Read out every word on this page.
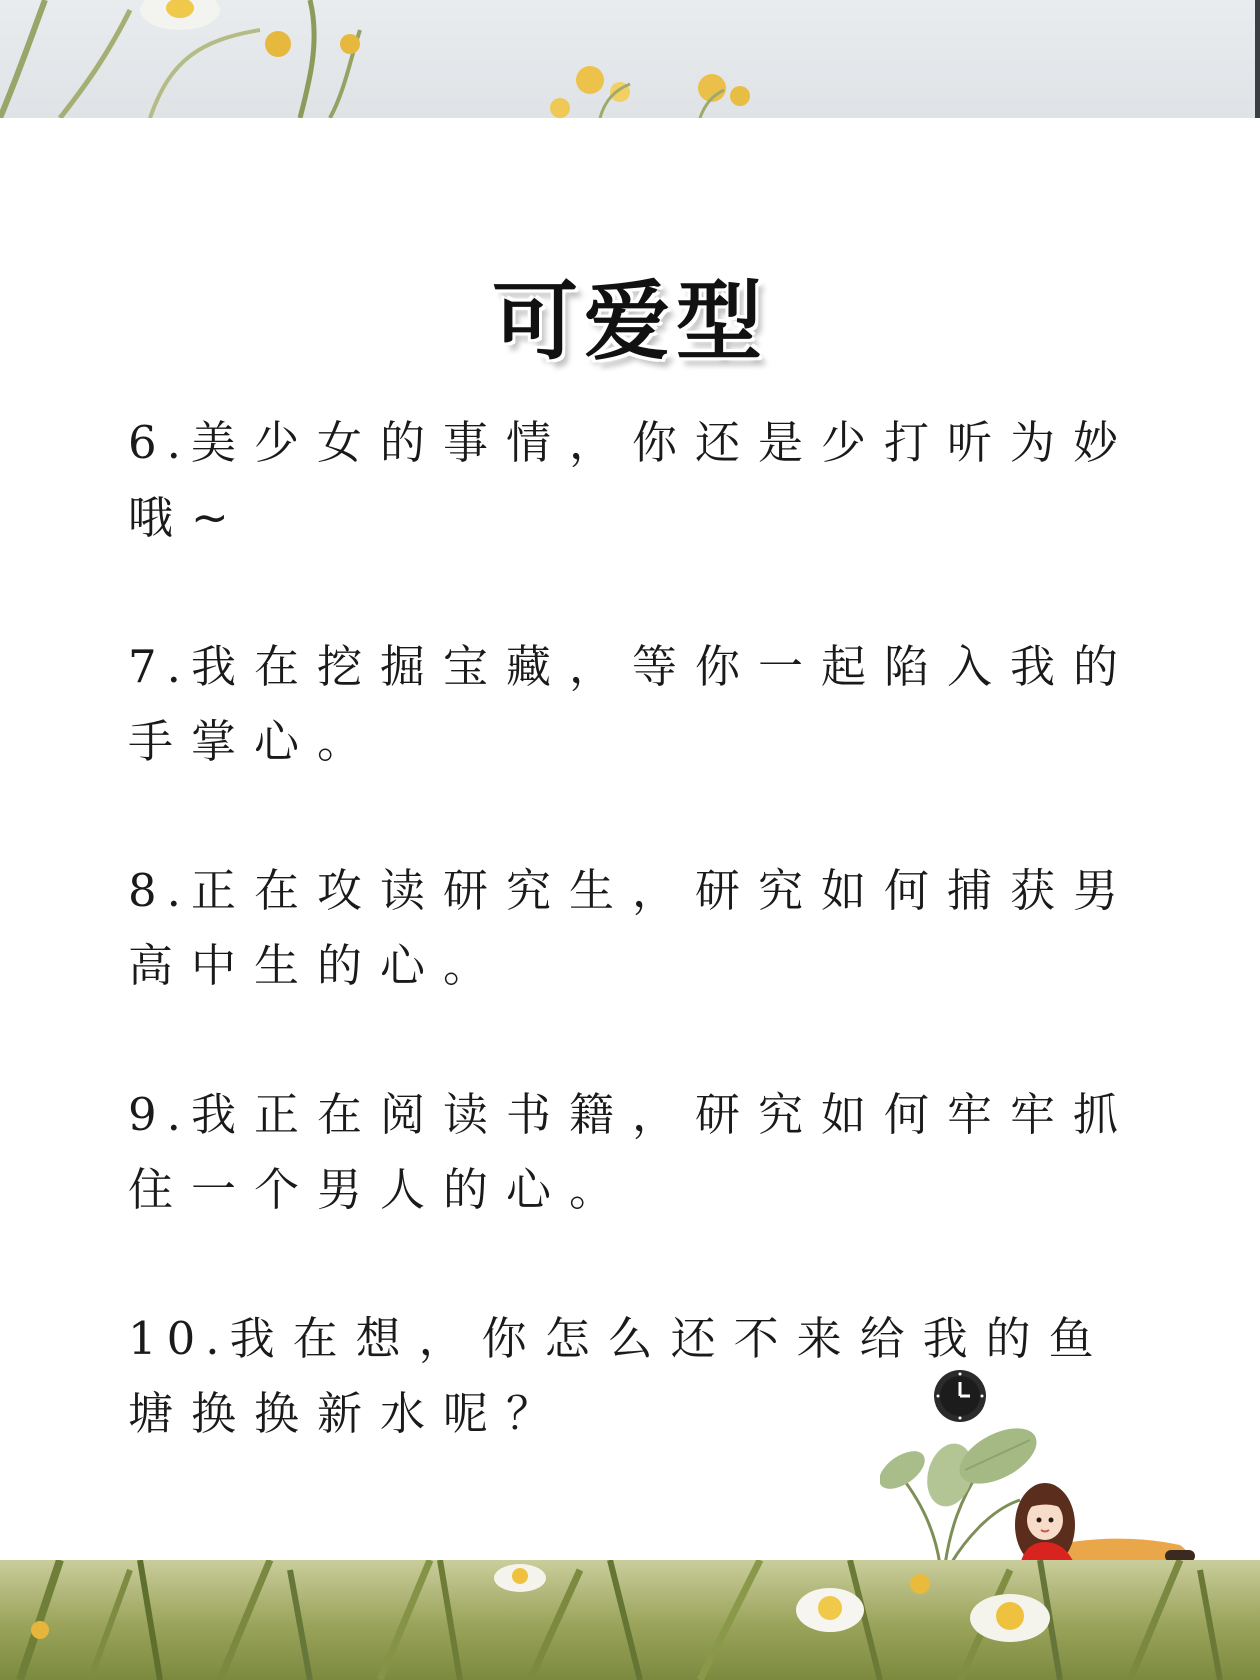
可爱型

6.美少女的事情，你还是少打听为妙哦~

7.我在挖掘宝藏，等你一起陷入我的手掌心。

8.正在攻读研究生，研究如何捕获男高中生的心。

9.我正在阅读书籍，研究如何牢牢抓住一个男人的心。

10.我在想，你怎么还不来给我的鱼塘换换新水呢？
